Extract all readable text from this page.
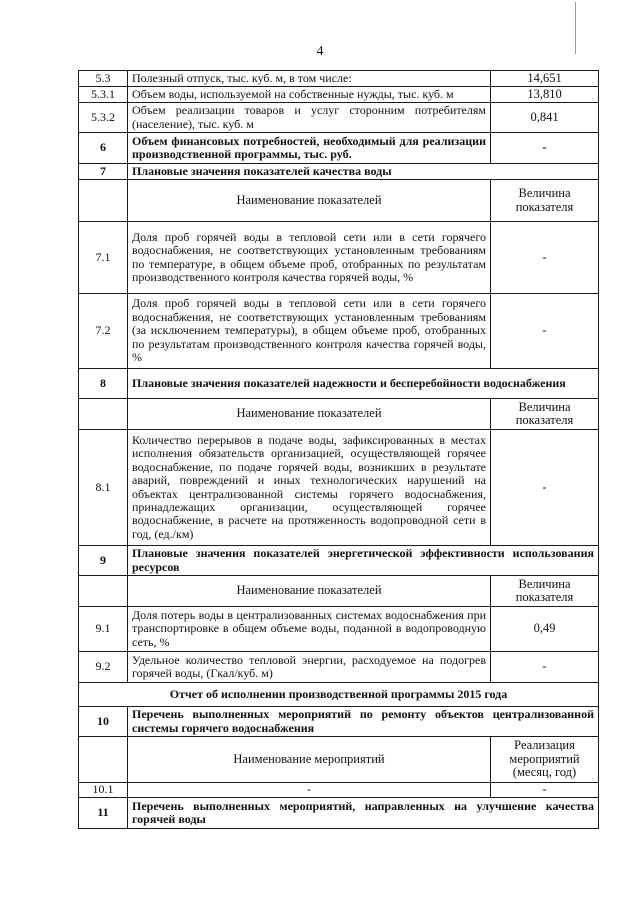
4
5.3	Полезный отпуск, тыс. куб. м, в том числе:	14,651
5.3.1	Объем воды, используемой на собственные нужды, тыс. куб. м	13,810
5.3.2	Объем реализации товаров и услуг сторонним потребителям (население), тыс. куб. м	0,841
6	Объем финансовых потребностей, необходимый для реализации производственной программы, тыс. руб.	-
7	Плановые значения показателей качества воды	
	Наименование показателей	Величина показателя
7.1	Доля проб горячей воды в тепловой сети или в сети горячего водоснабжения, не соответствующих установленным требованиям по температуре, в общем объеме проб, отобранных по результатам производственного контроля качества горячей воды, %	-
7.2	Доля проб горячей воды в тепловой сети или в сети горячего водоснабжения, не соответствующих установленным требованиям (за исключением температуры), в общем объеме проб, отобранных по результатам производственного контроля качества горячей воды, %	-
8	Плановые значения показателей надежности и бесперебойности водоснабжения	
	Наименование показателей	Величина показателя
8.1	Количество перерывов в подаче воды, зафиксированных в местах исполнения обязательств организацией, осуществляющей горячее водоснабжение, по подаче горячей воды, возникших в результате аварий, повреждений и иных технологических нарушений на объектах централизованной системы горячего водоснабжения, принадлежащих организации, осуществляющей горячее водоснабжение, в расчете на протяженность водопроводной сети в год, (ед./км)	-
9	Плановые значения показателей энергетической эффективности использования ресурсов	
	Наименование показателей	Величина показателя
9.1	Доля потерь воды в централизованных системах водоснабжения при транспортировке в общем объеме воды, поданной в водопроводную сеть, %	0,49
9.2	Удельное количество тепловой энергии, расходуемое на подогрев горячей воды, (Гкал/куб. м)	-
Отчет об исполнении производственной программы 2015 года		
10	Перечень выполненных мероприятий по ремонту объектов централизованной системы горячего водоснабжения	
	Наименование мероприятий	Реализация мероприятий (месяц, год)
10.1	-	-
11	Перечень выполненных мероприятий, направленных на улучшение качества горячей воды	
